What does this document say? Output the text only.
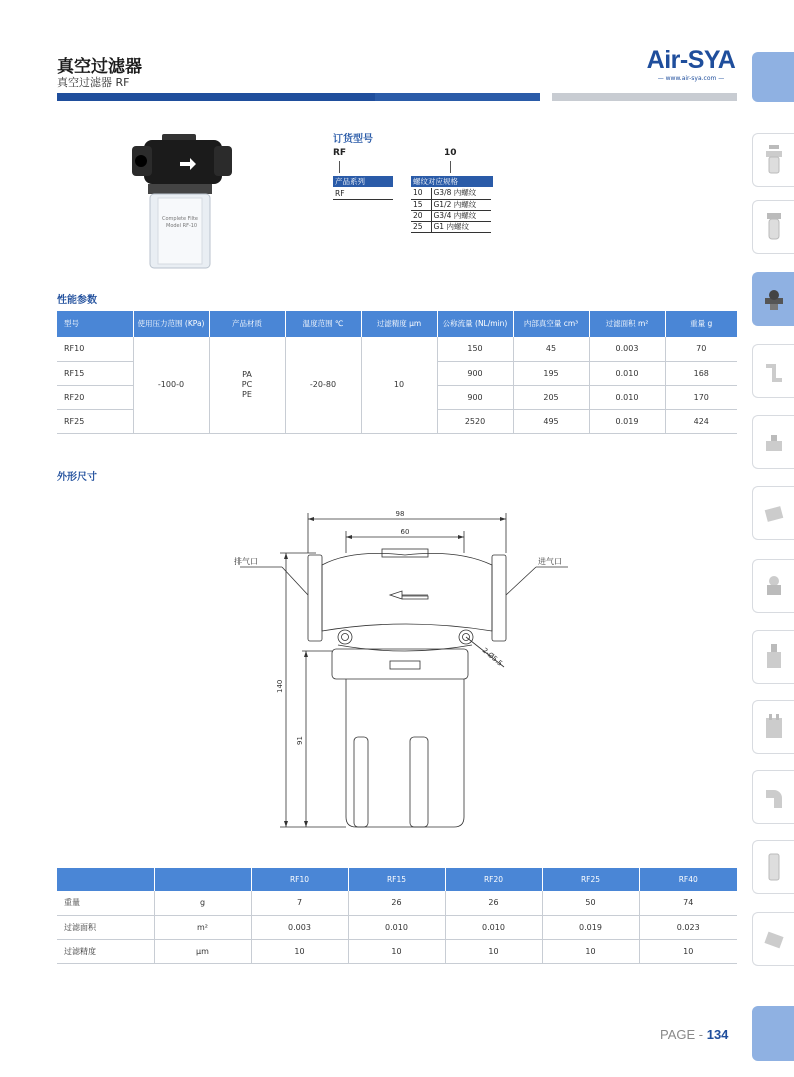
真空过滤器
真空过滤器 RF
Air-SYA
— www.air-sya.com —
Complete Filte
Model RF-10
订货型号
RF	10
产品系列
RF
螺纹对应规格
10	G3/8 内螺纹
15	G1/2 内螺纹
20	G3/4 内螺纹
25	G1 内螺纹
性能参数
型号	使用压力范围 (KPa)	产品材质	温度范围 ℃	过滤精度 μm	公称流量 (NL/min)	内部真空量 cm³	过滤面积 m²	重量 g
RF10	-100-0	PA
PC
PE	-20-80	10	150	45	0.003	70
RF15					900	195	0.010	168
RF20					900	205	0.010	170
RF25					2520	495	0.019	424
外形尺寸
98
60
140
91
2-Ø5.5
排气口	进气口
		RF10	RF15	RF20	RF25	RF40
重量	g	7	26	26	50	74
过滤面积	m²	0.003	0.010	0.010	0.019	0.023
过滤精度	μm	10	10	10	10	10
PAGE - 134
